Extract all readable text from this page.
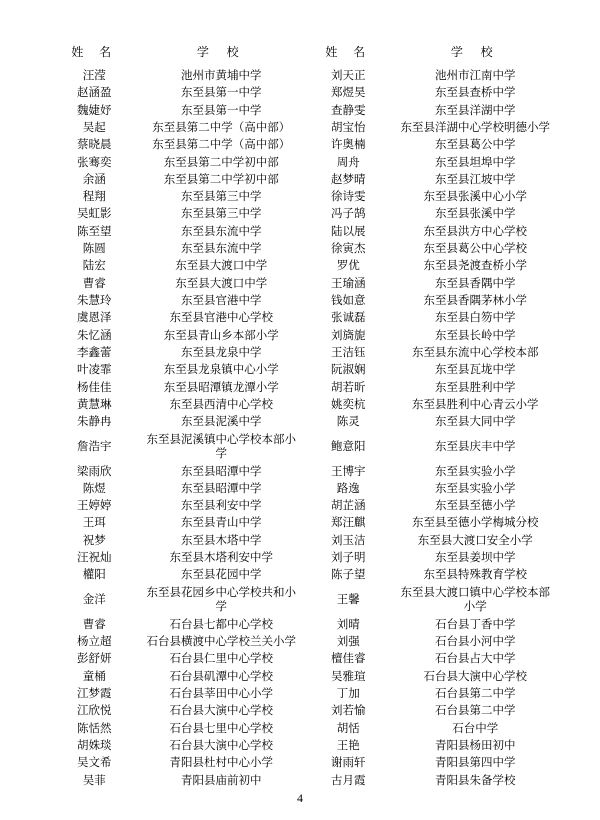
姓 名	学 校	姓 名	学 校
汪滢	池州市黄埔中学	刘天正	池州市江南中学
赵涵盈	东至县第一中学	郑煜昊	东至县查桥中学
魏婕妤	东至县第一中学	查静雯	东至县洋湖中学
吴起	东至县第二中学（高中部）	胡宝怡	东至县洋湖中心学校明德小学
蔡晓晨	东至县第二中学（高中部）	许奥楠	东至县葛公中学
张骞奕	东至县第二中学初中部	周舟	东至县坦埠中学
余涵	东至县第二中学初中部	赵梦晴	东至县江坡中学
程翔	东至县第三中学	徐诗雯	东至县张溪中心小学
吴虹影	东至县第三中学	冯子鹄	东至县张溪中学
陈至望	东至县东流中学	陆以展	东至县洪方中心学校
陈圆	东至县东流中学	徐寅杰	东至县葛公中心学校
陆宏	东至县大渡口中学	罗优	东至县尧渡查桥小学
曹睿	东至县大渡口中学	王瑜涵	东至县香隅中学
朱慧玲	东至县官港中学	钱如意	东至县香隅茅林小学
虞恩泽	东至县官港中心学校	张诚磊	东至县白笏中学
朱忆涵	东至县青山乡本部小学	刘旖旎	东至县长岭中学
李鑫蕾	东至县龙泉中学	王洁钰	东至县东流中心学校本部
叶凌霏	东至县龙泉镇中心小学	阮淑娴	东至县瓦垅中学
杨佳佳	东至县昭潭镇龙潭小学	胡若昕	东至县胜利中学
黄慧琳	东至县西清中心学校	姚奕杭	东至县胜利中心青云小学
朱静冉	东至县泥溪中学	陈灵	东至县大同中学
詹浩宇	东至县泥溪镇中心学校本部小学	鲍意阳	东至县庆丰中学
梁雨欣	东至县昭潭中学	王博宇	东至县实验小学
陈煜	东至县昭潭中学	路逸	东至县实验小学
王婷婷	东至县利安中学	胡芷涵	东至县至德小学
王珥	东至县青山中学	郑汪麒	东至县至德小学梅城分校
祝梦	东至县木塔中学	刘玉洁	东至县大渡口安全小学
汪祝灿	东至县木塔利安中学	刘子明	东至县姜坝中学
權阳	东至县花园中学	陈子望	东至县特殊教育学校
金洋	东至县花园乡中心学校共和小学	王馨	东至县大渡口镇中心学校本部小学
曹睿	石台县七都中心学校	刘晴	石台县丁香中学
杨立超	石台县横渡中心学校兰关小学	刘强	石台县小河中学
彭舒妍	石台县仁里中心学校	檀佳睿	石台县占大中学
童桶	石台县矶潭中心学校	吴雅瑄	石台县大演中心学校
江梦霞	石台县莘田中心小学	丁加	石台县第二中学
江欣悦	石台县大演中心学校	刘若愉	石台县第二中学
陈恬然	石台县七里中心学校	胡恬	石台中学
胡姝琰	石台县大演中心学校	王艳	青阳县杨田初中
吴文希	青阳县杜村中心小学	谢雨轩	青阳县第四中学
吴菲	青阳县庙前初中	古月霞	青阳县朱备学校
4
